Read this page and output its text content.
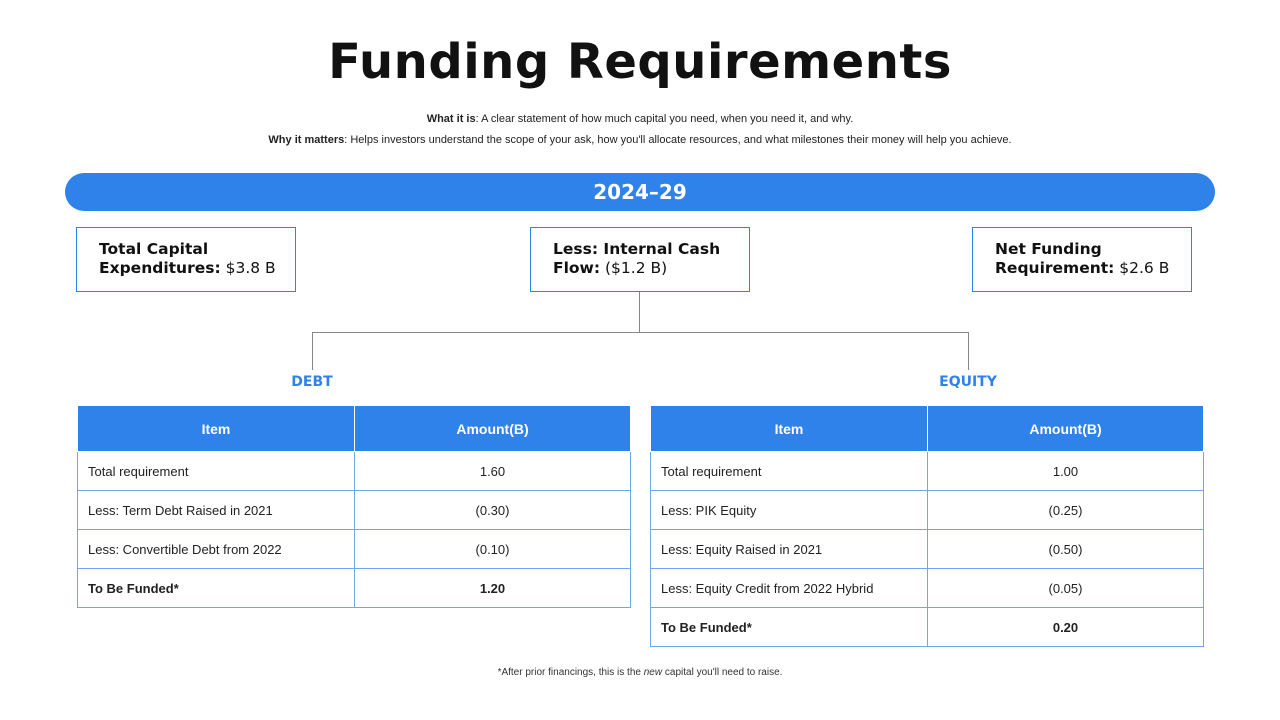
Funding Requirements
What it is: A clear statement of how much capital you need, when you need it, and why.
Why it matters: Helps investors understand the scope of your ask, how you'll allocate resources, and what milestones their money will help you achieve.
2024–29
Total Capital Expenditures: $3.8 B
Less: Internal Cash Flow: ($1.2 B)
Net Funding Requirement: $2.6 B
DEBT	EQUITY
Item	Amount(B)
Total requirement	1.60
Less: Term Debt Raised in 2021	(0.30)
Less: Convertible Debt from 2022	(0.10)
To Be Funded*	1.20
Item	Amount(B)
Total requirement	1.00
Less: PIK Equity	(0.25)
Less: Equity Raised in 2021	(0.50)
Less: Equity Credit from 2022 Hybrid	(0.05)
To Be Funded*	0.20
*After prior financings, this is the new capital you'll need to raise.
